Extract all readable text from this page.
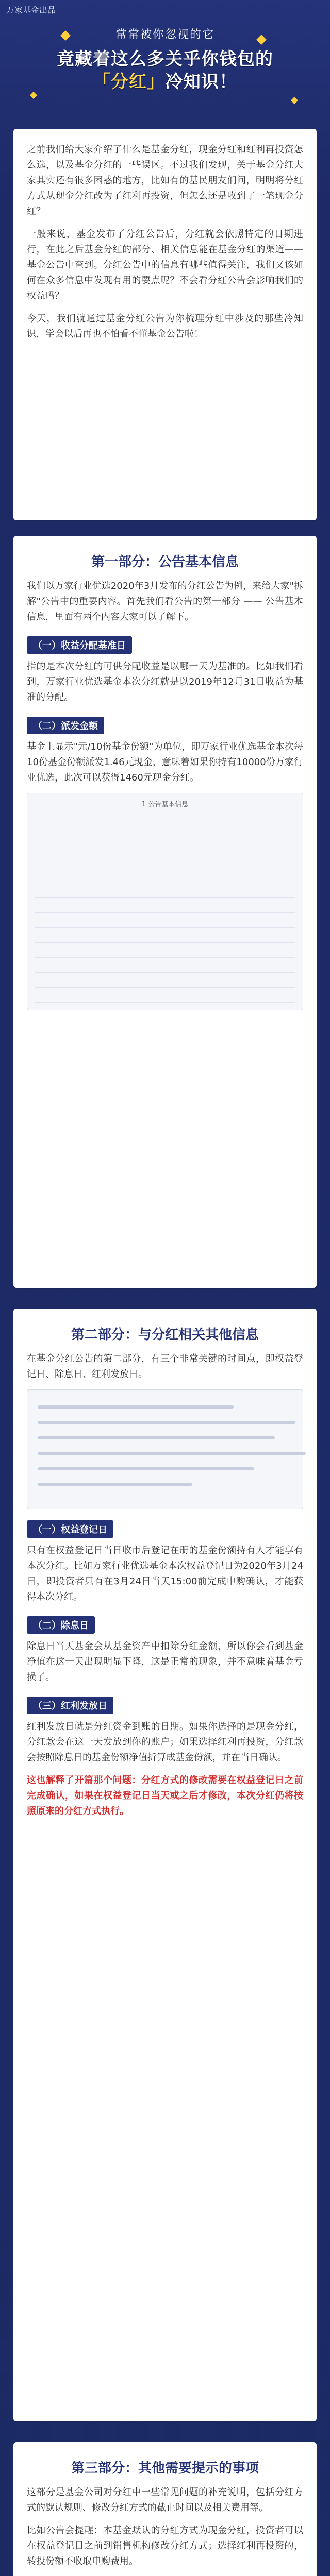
万家基金出品
常常被你忽视的它
竟藏着这么多关乎你钱包的
「分红」冷知识！

之前我们给大家介绍了什么是基金分红，现金分红和红利再投资怎么选，以及基金分红的一些误区。不过我们发现，关于基金分红大家其实还有很多困惑的地方，比如有的基民朋友们问，明明将分红方式从现金分红改为了红利再投资，但怎么还是收到了一笔现金分红？

一般来说，基金发布了分红公告后，分红就会依照特定的日期进行，在此之后基金分红的部分、相关信息能在基金分红的渠道——基金公告中查到。分红公告中的信息有哪些值得关注，我们又该如何在众多信息中发现有用的要点呢？不会看分红公告会影响我们的权益吗？

今天，我们就通过基金分红公告为你梳理分红中涉及的那些冷知识，学会以后再也不怕看不懂基金公告啦！

第一部分：公告基本信息

我们以万家行业优选2020年3月发布的分红公告为例，来给大家"拆解"公告中的重要内容。首先我们看公告的第一部分 —— 公告基本信息，里面有两个内容大家可以了解下。

（一）收益分配基准日

指的是本次分红的可供分配收益是以哪一天为基准的。比如我们看到，万家行业优选基金本次分红就是以2019年12月31日收益为基准的分配。

（二）派发金额

基金上显示"元/10份基金份额"为单位，即万家行业优选基金本次每10份基金份额派发1.46元现金，意味着如果你持有10000份万家行业优选，此次可以获得1460元现金分红。

1 公告基本信息
第二部分：与分红相关其他信息

在基金分红公告的第二部分，有三个非常关键的时间点，即权益登记日、除息日、红利发放日。

（一）权益登记日

只有在权益登记日当日收市后登记在册的基金份额持有人才能享有本次分红。比如万家行业优选基金本次权益登记日为2020年3月24日，即投资者只有在3月24日当天15:00前完成申购确认，才能获得本次分红。

（二）除息日

除息日当天基金会从基金资产中扣除分红金额，所以你会看到基金净值在这一天出现明显下降，这是正常的现象，并不意味着基金亏损了。

（三）红利发放日

红利发放日就是分红资金到账的日期。如果你选择的是现金分红，分红款会在这一天发放到你的账户；如果选择红利再投资，分红款会按照除息日的基金份额净值折算成基金份额，并在当日确认。

这也解释了开篇那个问题：分红方式的修改需要在权益登记日之前完成确认，如果在权益登记日当天或之后才修改，本次分红仍将按照原来的分红方式执行。

第三部分：其他需要提示的事项

这部分是基金公司对分红中一些常见问题的补充说明，包括分红方式的默认规则、修改分红方式的截止时间以及相关费用等。

比如公告会提醒：本基金默认的分红方式为现金分红，投资者可以在权益登记日之前到销售机构修改分红方式；选择红利再投资的，转投份额不收取申购费用。
